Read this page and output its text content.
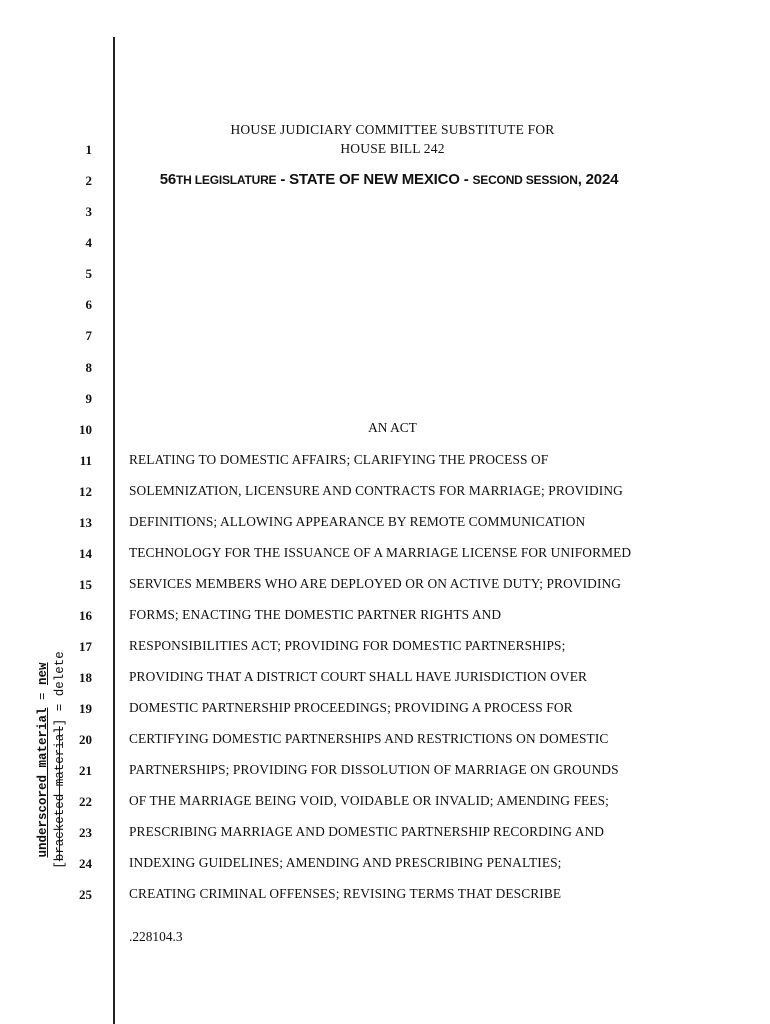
HOUSE JUDICIARY COMMITTEE SUBSTITUTE FOR
HOUSE BILL 242
56TH LEGISLATURE - STATE OF NEW MEXICO - SECOND SESSION, 2024
1
2
3
4
5
6
7
8
9
10
11
12
13
14
15
16
17
18
19
20
21
22
23
24
25
AN ACT
RELATING TO DOMESTIC AFFAIRS; CLARIFYING THE PROCESS OF
SOLEMNIZATION, LICENSURE AND CONTRACTS FOR MARRIAGE; PROVIDING
DEFINITIONS; ALLOWING APPEARANCE BY REMOTE COMMUNICATION
TECHNOLOGY FOR THE ISSUANCE OF A MARRIAGE LICENSE FOR UNIFORMED
SERVICES MEMBERS WHO ARE DEPLOYED OR ON ACTIVE DUTY; PROVIDING
FORMS; ENACTING THE DOMESTIC PARTNER RIGHTS AND
RESPONSIBILITIES ACT; PROVIDING FOR DOMESTIC PARTNERSHIPS;
PROVIDING THAT A DISTRICT COURT SHALL HAVE JURISDICTION OVER
DOMESTIC PARTNERSHIP PROCEEDINGS; PROVIDING A PROCESS FOR
CERTIFYING DOMESTIC PARTNERSHIPS AND RESTRICTIONS ON DOMESTIC
PARTNERSHIPS; PROVIDING FOR DISSOLUTION OF MARRIAGE ON GROUNDS
OF THE MARRIAGE BEING VOID, VOIDABLE OR INVALID; AMENDING FEES;
PRESCRIBING MARRIAGE AND DOMESTIC PARTNERSHIP RECORDING AND
INDEXING GUIDELINES; AMENDING AND PRESCRIBING PENALTIES;
CREATING CRIMINAL OFFENSES; REVISING TERMS THAT DESCRIBE
.228104.3
underscored material = new
[bracketed material] = delete
